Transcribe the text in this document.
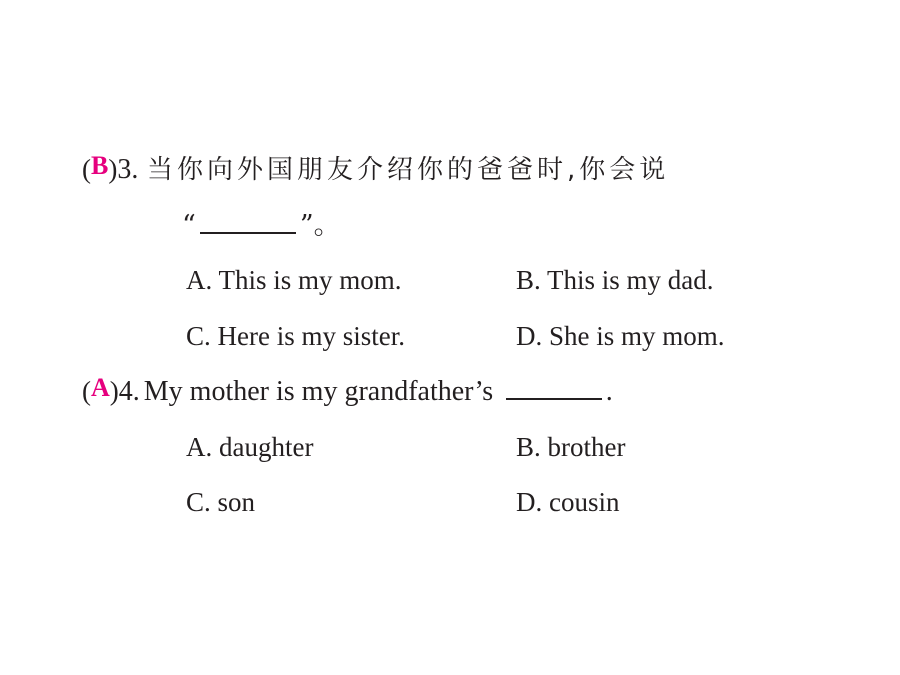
(B)3. 当你向外国朋友介绍你的爸爸时,你会说
“	”。
A. This is my mom.	B. This is my dad.
C. Here is my sister.	D. She is my mom.
(A)4. My mother is my grandfather’s	.
A. daughter	B. brother
C. son	D. cousin
